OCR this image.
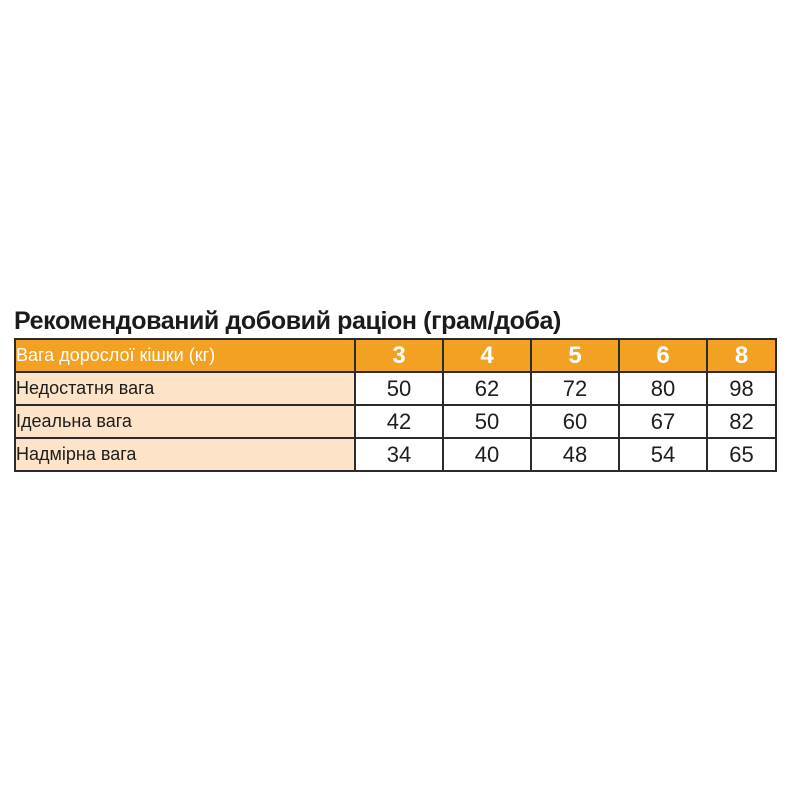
Рекомендований добовий раціон (грам/доба)
Вага дорослої кішки (кг)	3	4	5	6	8
Недостатня вага	50	62	72	80	98
Ідеальна вага	42	50	60	67	82
Надмірна вага	34	40	48	54	65
